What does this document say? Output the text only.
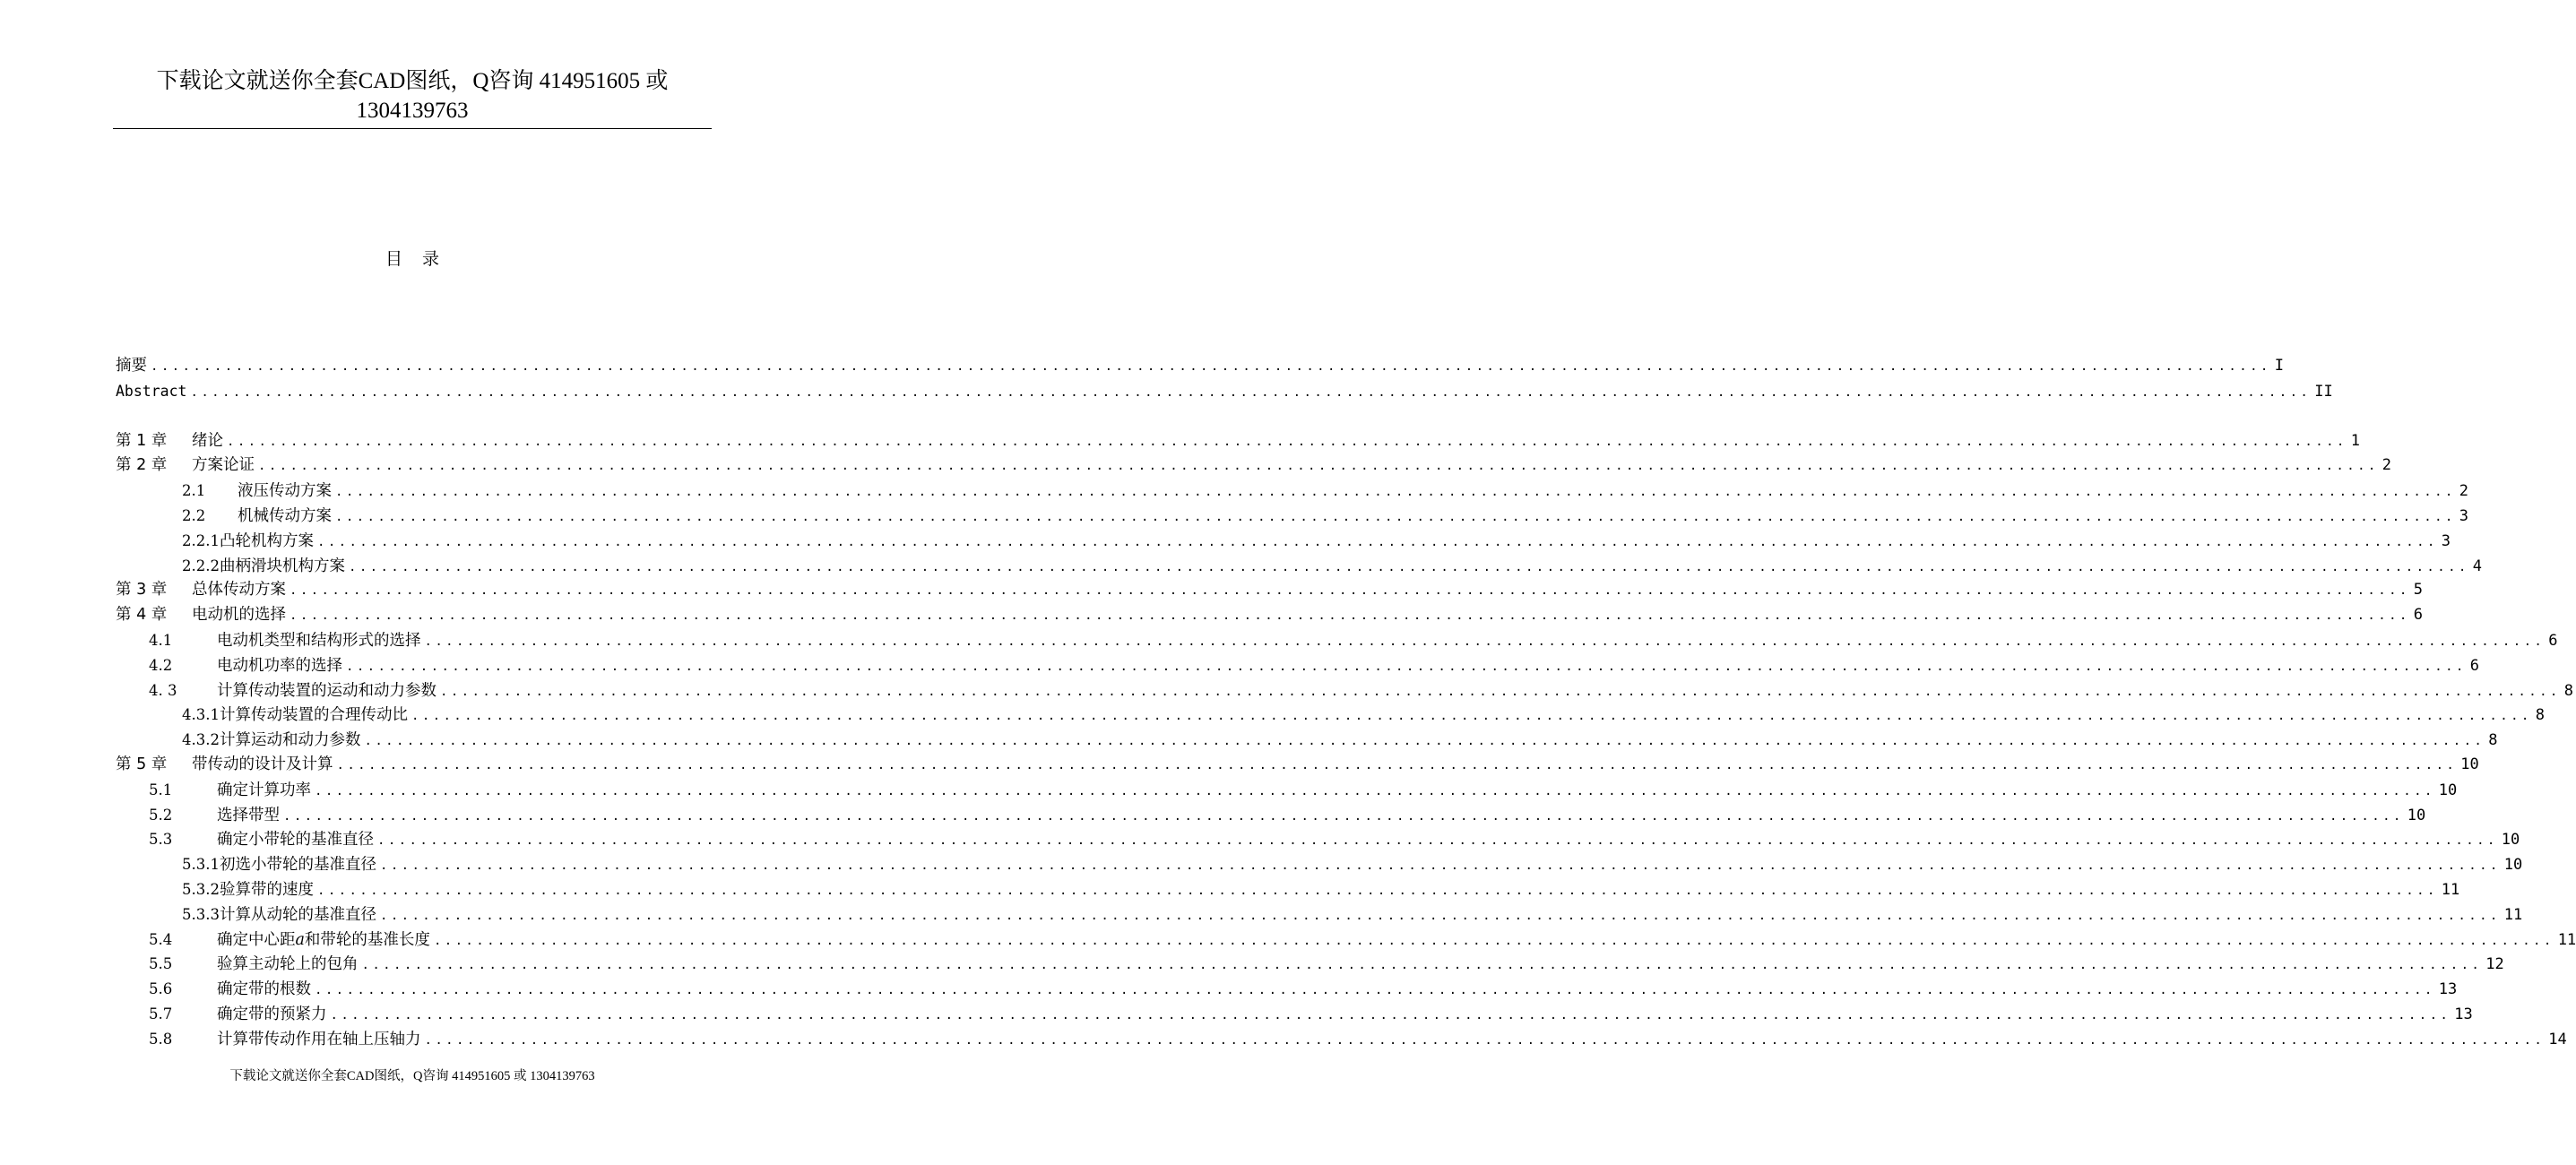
下载论文就送你全套CAD图纸，Q咨询 414951605 或
1304139763
目录
摘要 ........................................................................................................................................................................................................ I
Abstract ........................................................................................................................................................................................................ II
第 1 章	绪论 ........................................................................................................................................................................................................ 1
第 2 章	方案论证 ........................................................................................................................................................................................................ 2
2.1	液压传动方案 ........................................................................................................................................................................................................ 2
2.2	机械传动方案 ........................................................................................................................................................................................................ 3
2.2.1 凸轮机构方案 ........................................................................................................................................................................................................ 3
2.2.2 曲柄滑块机构方案 ........................................................................................................................................................................................................ 4
第 3 章	总体传动方案 ........................................................................................................................................................................................................ 5
第 4 章	电动机的选择 ........................................................................................................................................................................................................ 6
4.1	电动机类型和结构形式的选择 ........................................................................................................................................................................................................ 6
4.2	电动机功率的选择 ........................................................................................................................................................................................................ 6
4. 3	计算传动装置的运动和动力参数 ........................................................................................................................................................................................................ 8
4.3.1 计算传动装置的合理传动比 ........................................................................................................................................................................................................ 8
4.3.2 计算运动和动力参数 ........................................................................................................................................................................................................ 8
第 5 章	带传动的设计及计算 ........................................................................................................................................................................................................ 10
5.1	确定计算功率 ........................................................................................................................................................................................................ 10
5.2	选择带型 ........................................................................................................................................................................................................ 10
5.3	确定小带轮的基准直径 ........................................................................................................................................................................................................ 10
5.3.1 初选小带轮的基准直径 ........................................................................................................................................................................................................ 10
5.3.2 验算带的速度 ........................................................................................................................................................................................................ 11
5.3.3 计算从动轮的基准直径 ........................................................................................................................................................................................................ 11
5.4	确定中心距𝑎和带轮的基准长度 ........................................................................................................................................................................................................ 11
5.5	验算主动轮上的包角 ........................................................................................................................................................................................................ 12
5.6	确定带的根数 ........................................................................................................................................................................................................ 13
5.7	确定带的预紧力 ........................................................................................................................................................................................................ 13
5.8	计算带传动作用在轴上压轴力 ........................................................................................................................................................................................................ 14
下载论文就送你全套CAD图纸，Q咨询 414951605 或 1304139763
